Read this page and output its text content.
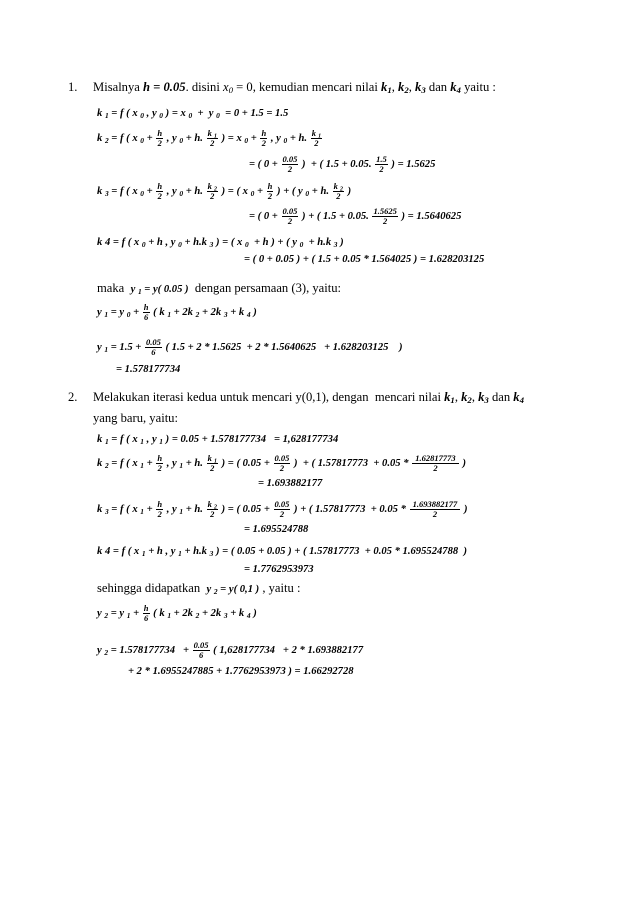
1. Misalnya h = 0.05. disini $x_0 = 0$, kemudian mencari nilai $k_1$, $k_2$, $k_3$ dan $k_4$ yaitu :
k $_1$ = f ( x $_0$ , y $_0$ ) = x $_0$  +  y $_0$  = 0 + 1.5 = 1.5
k $_2$ = f ( x $_0 + \frac{h}{2}$ , y $_0$ + h. $\frac{k _1}{2}$ ) = x $_0 + \frac{h}{2}$ , y $_0$ + h. $\frac{k _1}{2}$
= ( $0 + \frac{0.05}{2}$ )  + ( 1.5 + 0.05. $\frac{1.5}{2}$ ) = 1.5625
k $_3$ = f ( x $_0 + \frac{h}{2}$ , y $_0$ + h. $\frac{k _2}{2}$ ) = ( x $_0 + \frac{h}{2}$ ) + ( y $_0$ + h. $\frac{k _2}{2}$ )
= ( $0 + \frac{0.05}{2}$ ) + ( 1.5 + 0.05. $\frac{1.5625}{2}$ ) = 1.5640625
k 4 = f ( x $_0$ + h , y $_0$ + h.k $_3$ ) = ( x $_0$  + h ) + ( y $_0$  + h.k $_3$ )
= ( 0 + 0.05 ) + ( 1.5 + 0.05 * 1.564025 ) = 1.628203125
maka  y $_1$ = y( 0.05 )  dengan persamaan (3), yaitu:
y $_1$ = y $_0 + \frac{h}{6}$ ( k $_1$ + 2k $_2$ + 2k $_3$ + k $_4$ )
y $_1 = 1.5 + \frac{0.05}{6}$ ( 1.5 + 2 * 1.5625  + 2 * 1.5640625   + 1.628203125    )
= 1.578177734
2. Melakukan iterasi kedua untuk mencari y(0,1), dengan  mencari nilai $k_1$, $k_2$, $k_3$ dan $k_4$
yang baru, yaitu:
k $_1$ = f ( x $_1$ , y $_1$ ) = 0.05 + 1.578177734   = 1,628177734
k $_2$ = f ( x $_1 + \frac{h}{2}$ , y $_1$ + h. $\frac{k _1}{2}$ ) = ( $0.05 + \frac{0.05}{2}$ )  + ( $1.57817773 + 0.05 * \frac{1.62817773}{2}$ )
= 1.693882177
k $_3$ = f ( x $_1 + \frac{h}{2}$ , y $_1$ + h. $\frac{k _2}{2}$ ) = ( $0.05 + \frac{0.05}{2}$ ) + ( $1.57817773 + 0.05 * \frac{1.693882177}{2}$ )
= 1.695524788
k 4 = f ( x $_1$ + h , y $_1$ + h.k $_3$ ) = ( 0.05 + 0.05 ) + ( 1.57817773  + 0.05 * 1.695524788  )
= 1.7762953973
sehingga didapatkan  y $_2$ = y( 0,1 ) , yaitu :
y $_2$ = y $_1 + \frac{h}{6}$ ( k $_1$ + 2k $_2$ + 2k $_3$ + k $_4$ )
y $_2 = 1.578177734 + \frac{0.05}{6}$ ( 1,628177734   + 2 * 1.693882177
+ 2 * 1.6955247885 + 1.7762953973 ) = 1.66292728
